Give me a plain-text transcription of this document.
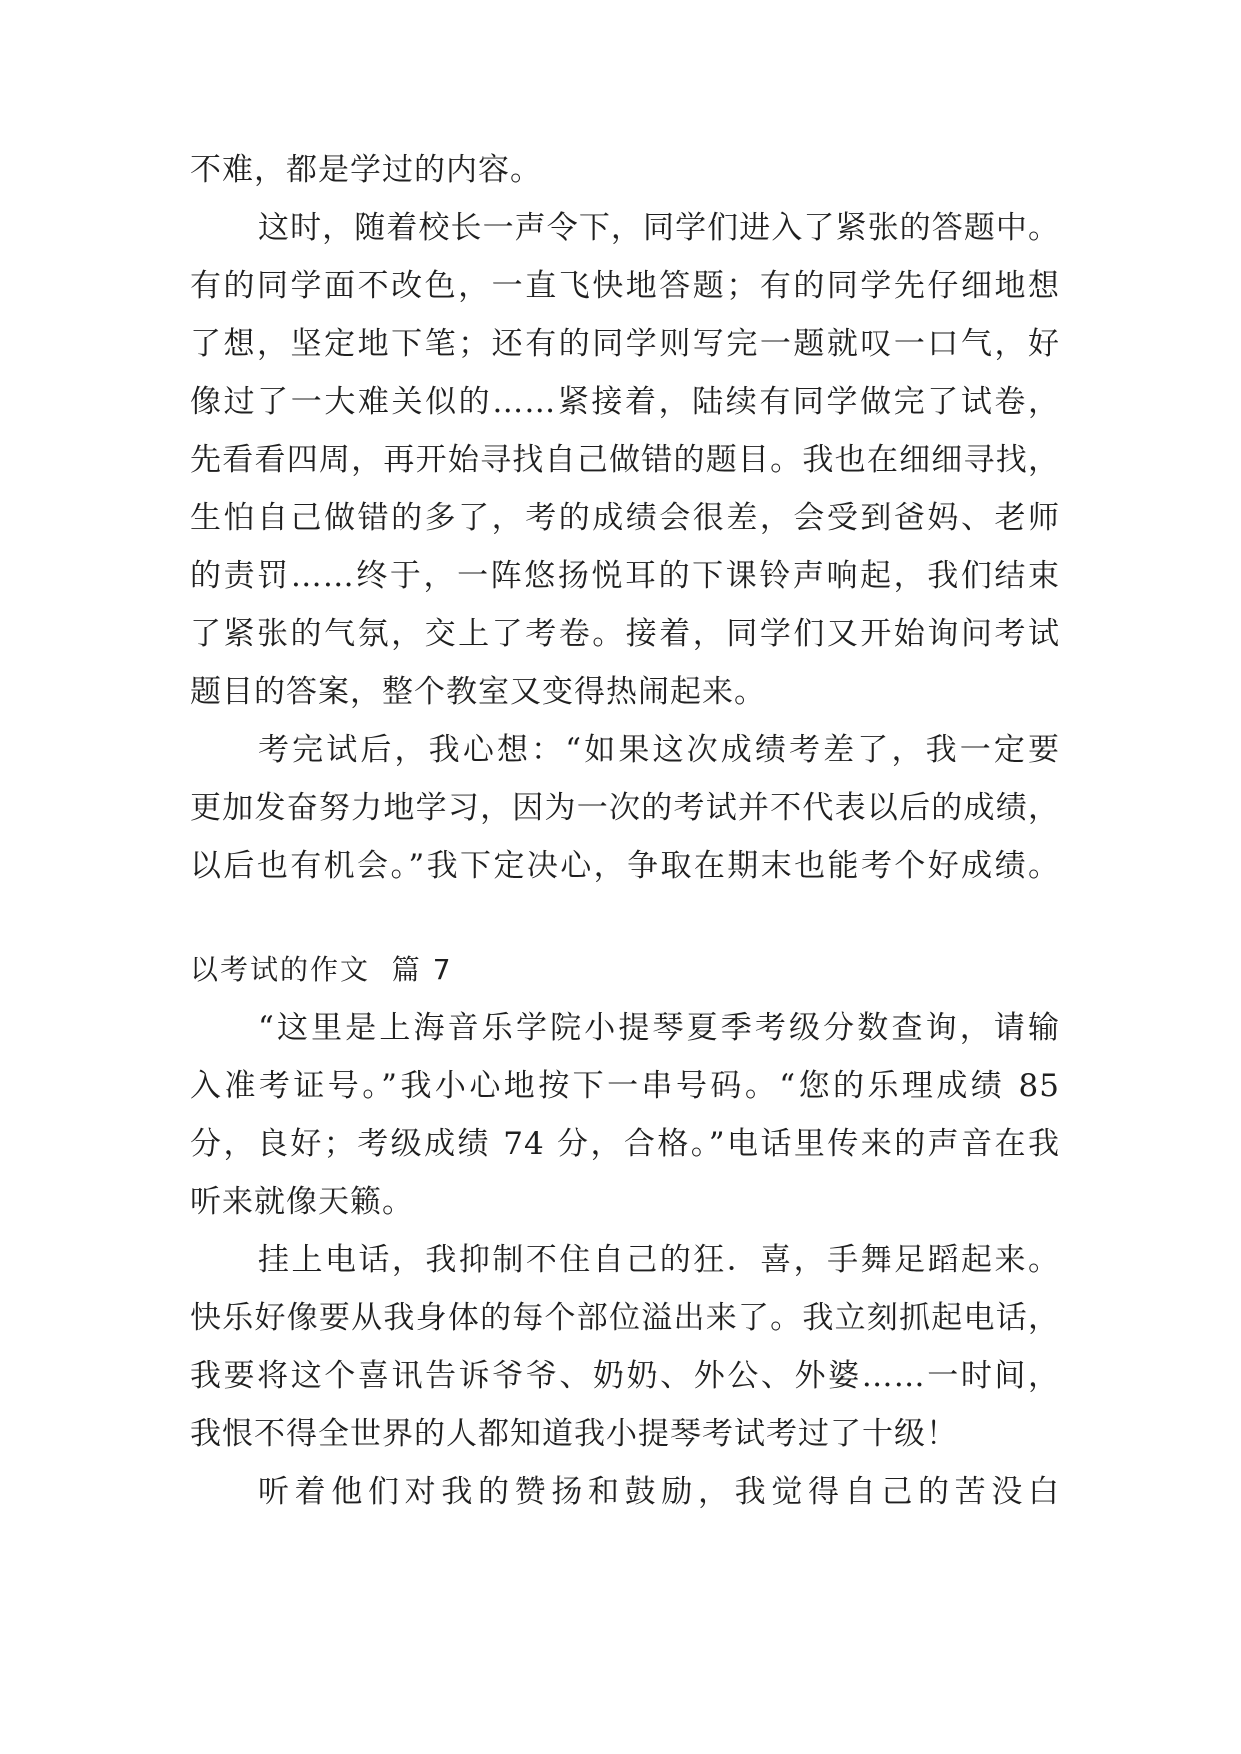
不难，都是学过的内容。
这时，随着校长一声令下，同学们进入了紧张的答题中。
有的同学面不改色，一直飞快地答题；有的同学先仔细地想
了想，坚定地下笔；还有的同学则写完一题就叹一口气，好
像过了一大难关似的……紧接着，陆续有同学做完了试卷，
先看看四周，再开始寻找自己做错的题目。我也在细细寻找，
生怕自己做错的多了，考的成绩会很差，会受到爸妈、老师
的责罚……终于，一阵悠扬悦耳的下课铃声响起，我们结束
了紧张的气氛，交上了考卷。接着，同学们又开始询问考试
题目的答案，整个教室又变得热闹起来。
考完试后，我心想：“如果这次成绩考差了，我一定要
更加发奋努力地学习，因为一次的考试并不代表以后的成绩，
以后也有机会。”我下定决心，争取在期末也能考个好成绩。
以考试的作文  篇 7
“这里是上海音乐学院小提琴夏季考级分数查询，请输
入准考证号。”我小心地按下一串号码。“您的乐理成绩 85
分，良好；考级成绩 74 分，合格。”电话里传来的声音在我
听来就像天籁。
挂上电话，我抑制不住自己的狂．喜，手舞足蹈起来。
快乐好像要从我身体的每个部位溢出来了。我立刻抓起电话，
我要将这个喜讯告诉爷爷、奶奶、外公、外婆……一时间，
我恨不得全世界的人都知道我小提琴考试考过了十级！
听着他们对我的赞扬和鼓励，我觉得自己的苦没白
